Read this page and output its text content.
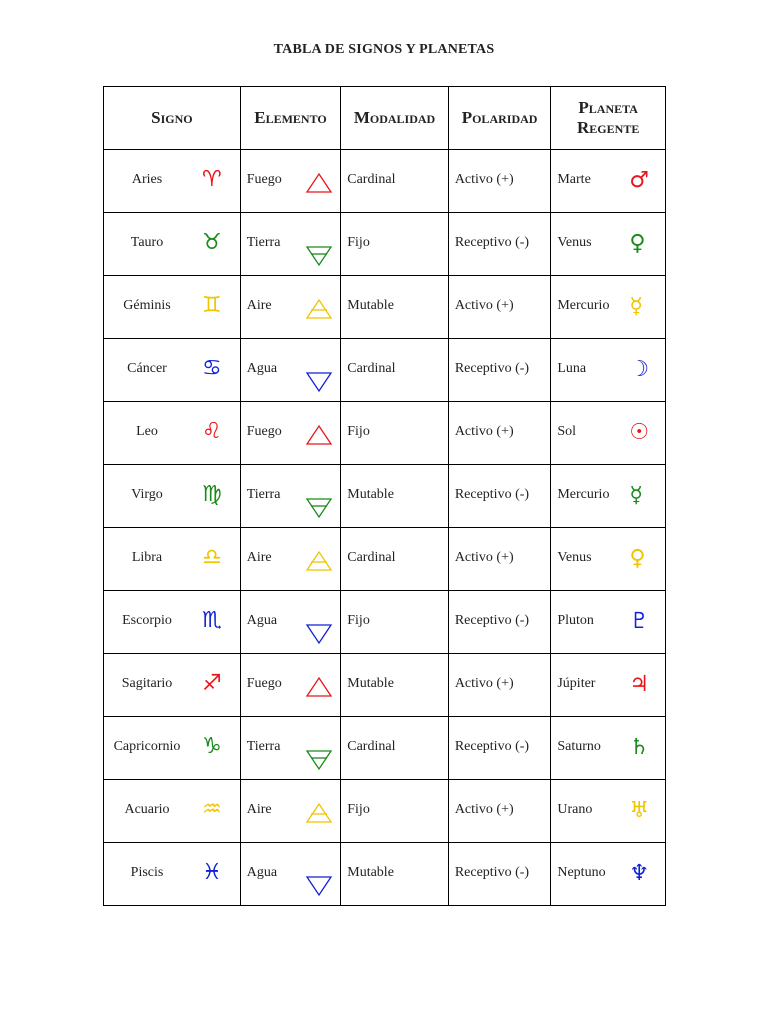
TABLA DE SIGNOS Y PLANETAS
Signo	Elemento	Modalidad	Polaridad	Planeta
Regente

Aries ♈	Fuego	Cardinal	Activo (+)	Marte ♂

Tauro ♉	Tierra	Fijo	Receptivo (-)	Venus ♀

Géminis ♊	Aire	Mutable	Activo (+)	Mercurio ☿

Cáncer ♋	Agua	Cardinal	Receptivo (-)	Luna ☽

Leo ♌	Fuego	Fijo	Activo (+)	Sol ☉

Virgo ♍	Tierra	Mutable	Receptivo (-)	Mercurio ☿

Libra ♎	Aire	Cardinal	Activo (+)	Venus ♀

Escorpio ♏	Agua	Fijo	Receptivo (-)	Pluton ♇

Sagitario ♐	Fuego	Mutable	Activo (+)	Júpiter ♃

Capricornio ♑	Tierra	Cardinal	Receptivo (-)	Saturno ♄

Acuario ♒	Aire	Fijo	Activo (+)	Urano ♅

Piscis ♓	Agua	Mutable	Receptivo (-)	Neptuno ♆
